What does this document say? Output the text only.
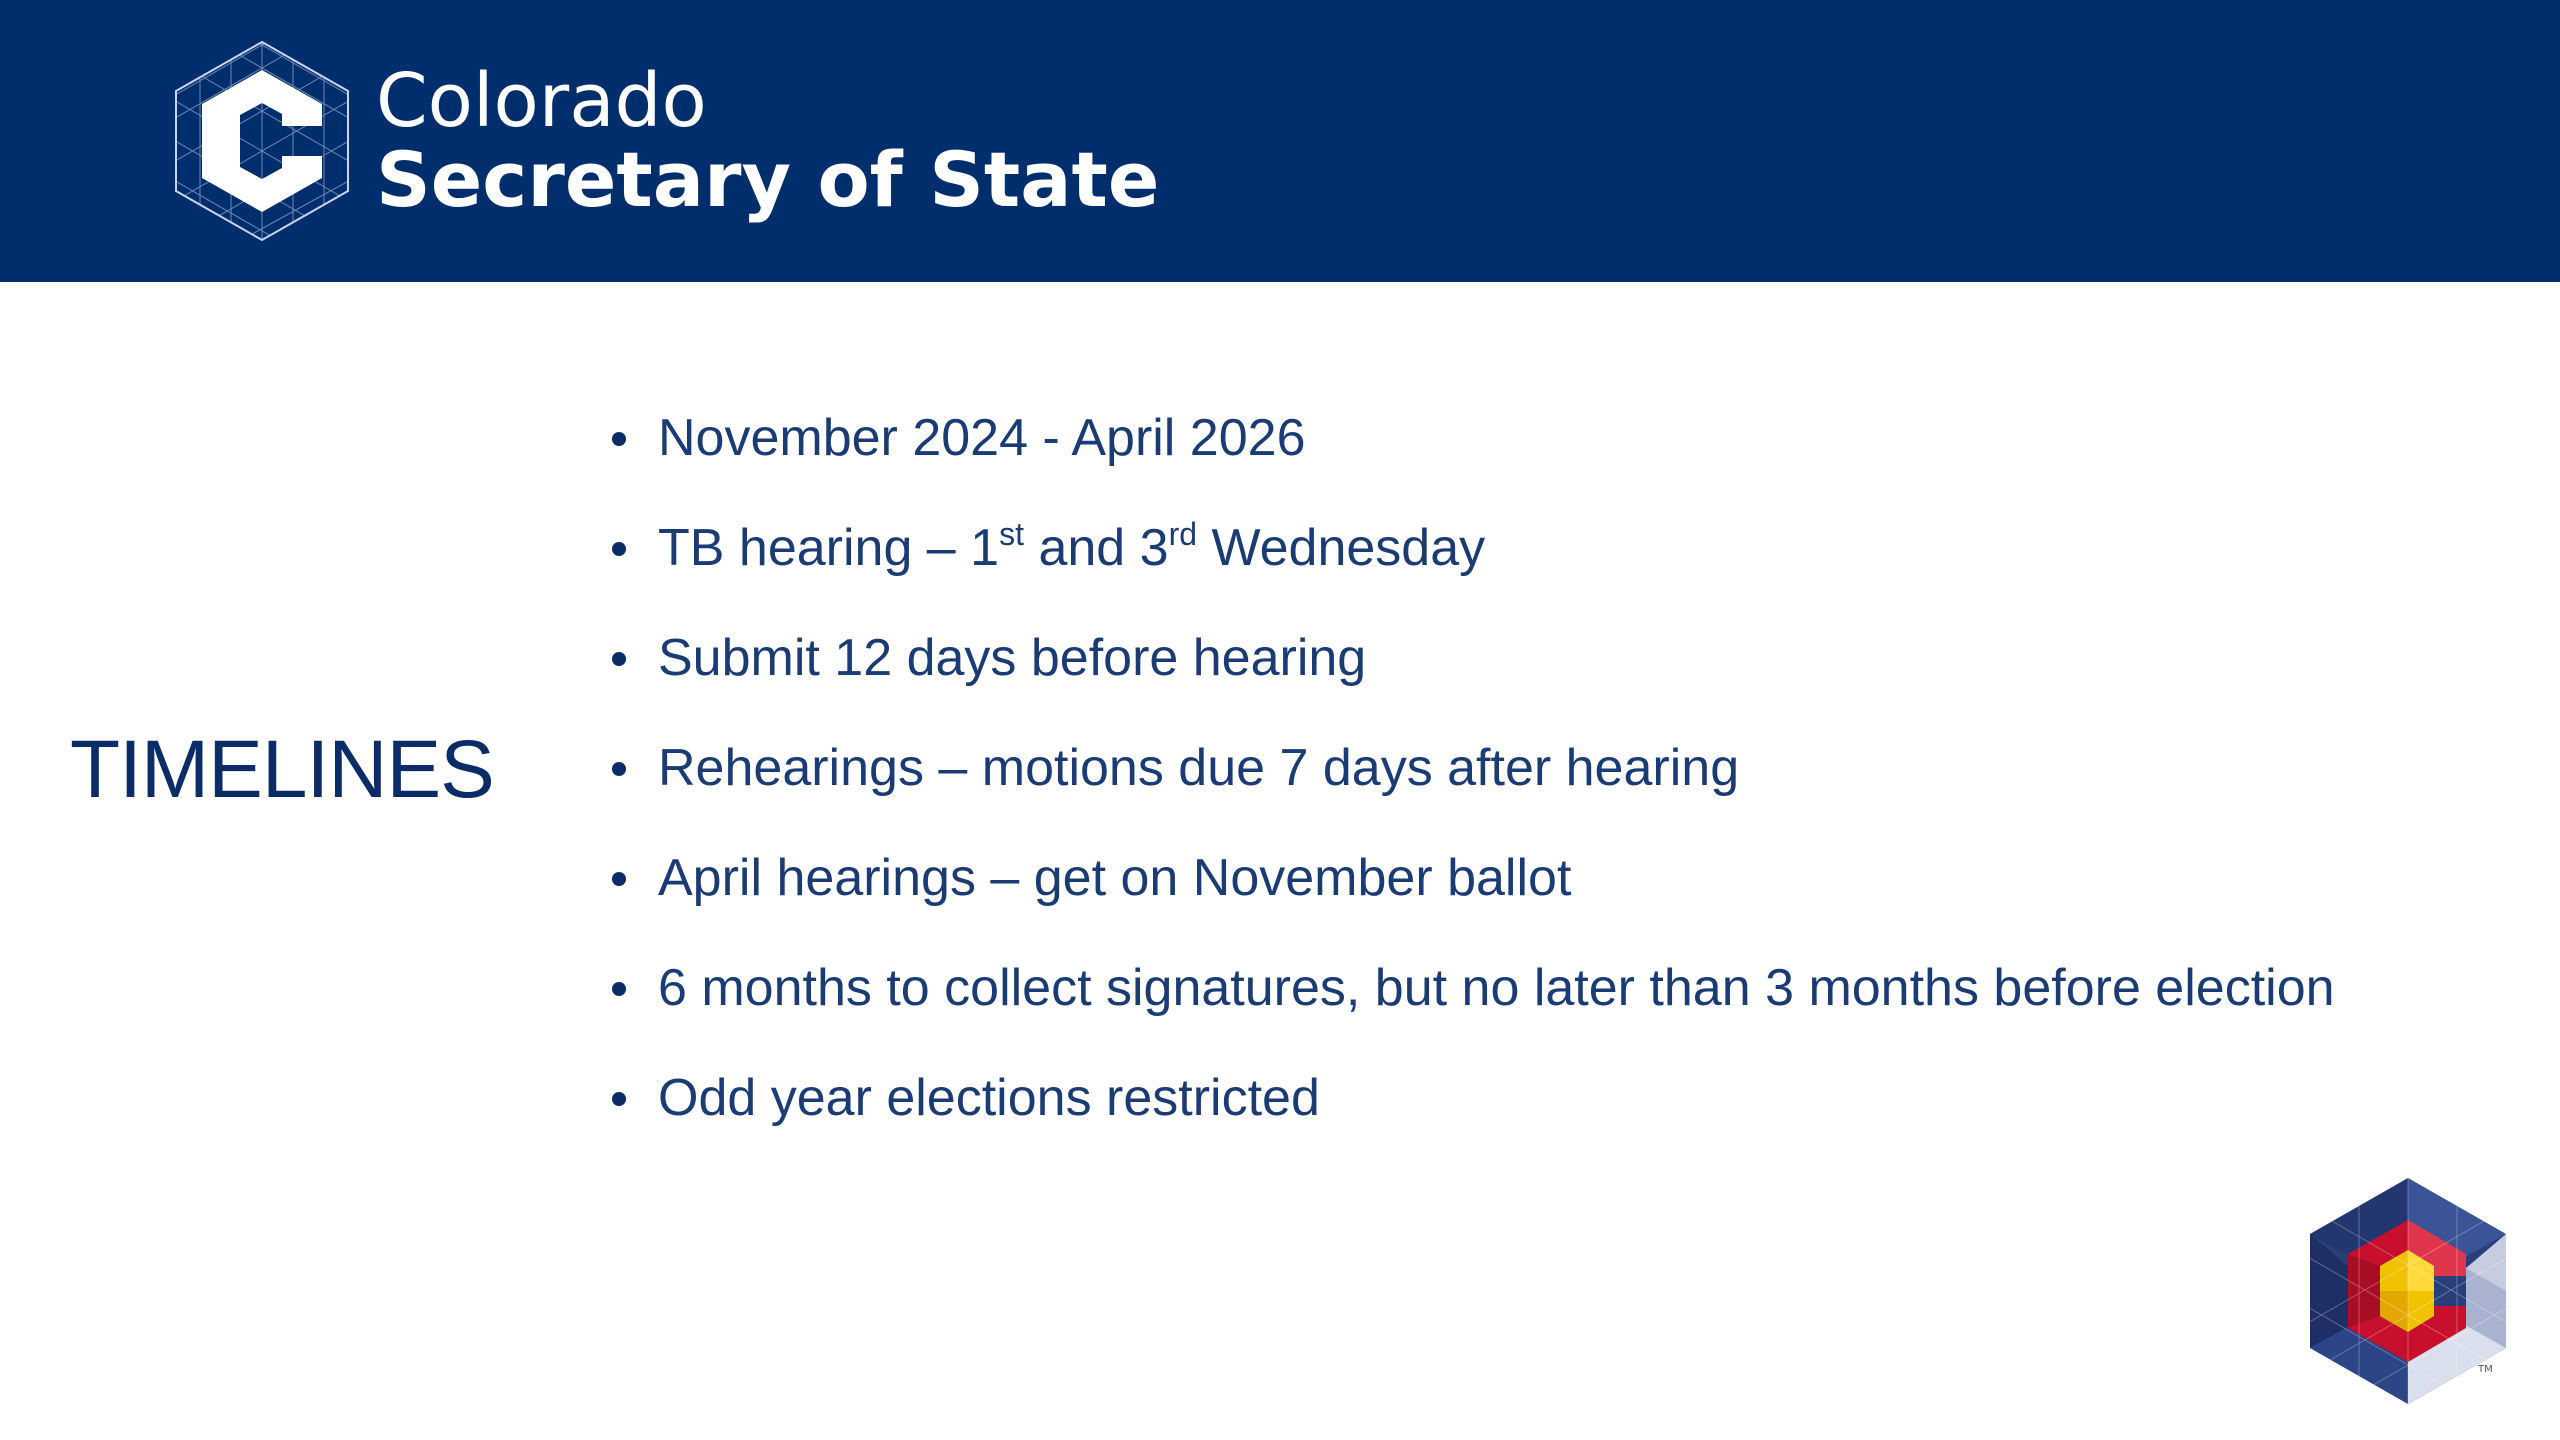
Colorado
Secretary of State
TIMELINES
November 2024 - April 2026
TB hearing – 1st and 3rd Wednesday
Submit 12 days before hearing
Rehearings – motions due 7 days after hearing
April hearings – get on November ballot
6 months to collect signatures, but no later than 3 months before election
Odd year elections restricted
TM
